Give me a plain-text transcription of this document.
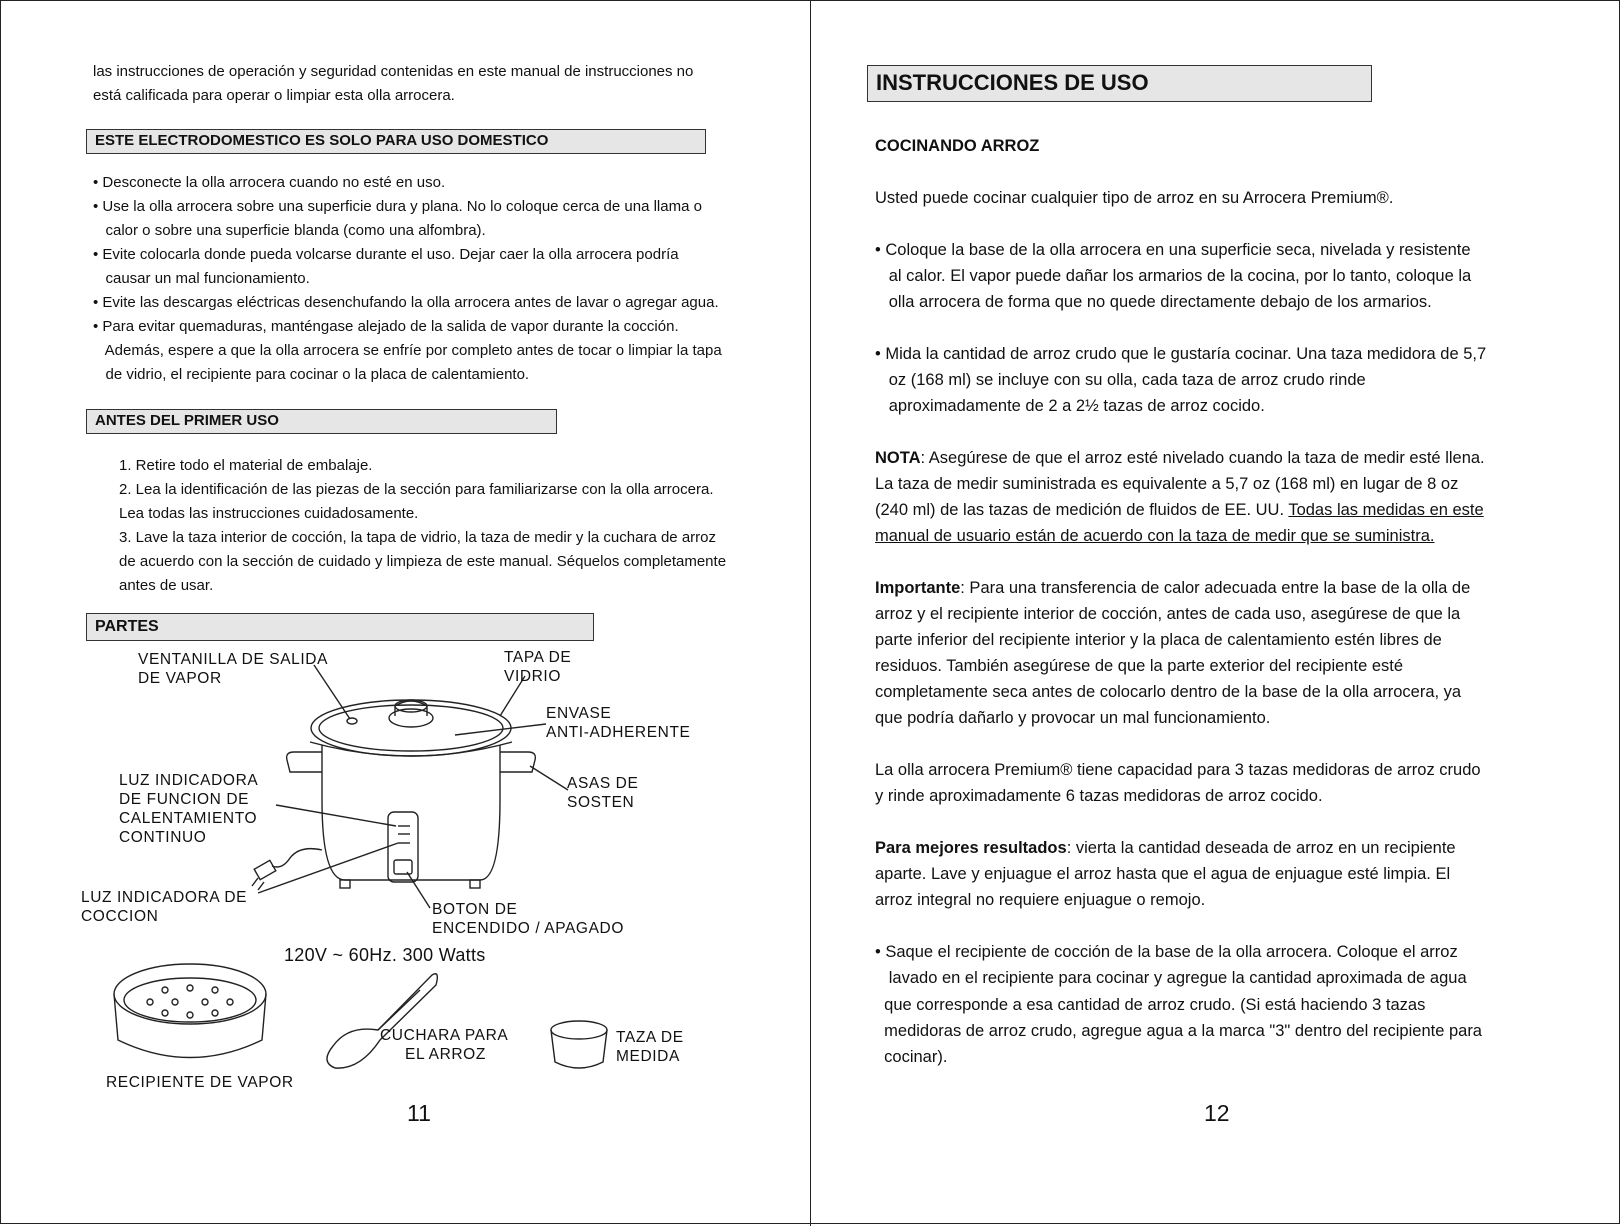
las instrucciones de operación y seguridad contenidas en este manual de instrucciones no
está calificada para operar o limpiar esta olla arrocera.
ESTE ELECTRODOMESTICO ES SOLO PARA USO DOMESTICO
• Desconecte la olla arrocera cuando no esté en uso.
• Use la olla arrocera sobre una superficie dura y plana. No lo coloque cerca de una llama o
calor o sobre una superficie blanda (como una alfombra).
• Evite colocarla donde pueda volcarse durante el uso. Dejar caer la olla arrocera podría
causar un mal funcionamiento.
• Evite las descargas eléctricas desenchufando la olla arrocera antes de lavar o agregar agua.
• Para evitar quemaduras, manténgase alejado de la salida de vapor durante la cocción.
Además, espere a que la olla arrocera se enfríe por completo antes de tocar o limpiar la tapa
de vidrio, el recipiente para cocinar o la placa de calentamiento.
ANTES DEL PRIMER USO
1. Retire todo el material de embalaje.
2. Lea la identificación de las piezas de la sección para familiarizarse con la olla arrocera.
Lea todas las instrucciones cuidadosamente.
3. Lave la taza interior de cocción, la tapa de vidrio, la taza de medir y la cuchara de arroz
de acuerdo con la sección de cuidado y limpieza de este manual. Séquelos completamente
antes de usar.
PARTES
VENTANILLA DE SALIDA
DE VAPOR
TAPA DE
VIDRIO
ENVASE
ANTI-ADHERENTE
ASAS DE
SOSTEN
LUZ INDICADORA
DE FUNCION DE
CALENTAMIENTO
CONTINUO
LUZ INDICADORA DE
COCCION	BOTON DE
ENCENDIDO / APAGADO
120V ~ 60Hz. 300 Watts
CUCHARA PARA
EL ARROZ
TAZA DE
MEDIDA
RECIPIENTE DE VAPOR
11
INSTRUCCIONES DE USO
COCINANDO ARROZ
Usted puede cocinar cualquier tipo de arroz en su Arrocera Premium®.
• Coloque la base de la olla arrocera en una superficie seca, nivelada y resistente
al calor. El vapor puede dañar los armarios de la cocina, por lo tanto, coloque la
olla arrocera de forma que no quede directamente debajo de los armarios.
• Mida la cantidad de arroz crudo que le gustaría cocinar. Una taza medidora de 5,7
oz (168 ml) se incluye con su olla, cada taza de arroz crudo rinde
aproximadamente de 2 a 2½ tazas de arroz cocido.
NOTA: Asegúrese de que el arroz esté nivelado cuando la taza de medir esté llena.
La taza de medir suministrada es equivalente a 5,7 oz (168 ml) en lugar de 8 oz
(240 ml) de las tazas de medición de fluidos de EE. UU. Todas las medidas en este
manual de usuario están de acuerdo con la taza de medir que se suministra.
Importante: Para una transferencia de calor adecuada entre la base de la olla de
arroz y el recipiente interior de cocción, antes de cada uso, asegúrese de que la
parte inferior del recipiente interior y la placa de calentamiento estén libres de
residuos. También asegúrese de que la parte exterior del recipiente esté
completamente seca antes de colocarlo dentro de la base de la olla arrocera, ya
que podría dañarlo y provocar un mal funcionamiento.
La olla arrocera Premium® tiene capacidad para 3 tazas medidoras de arroz crudo
y rinde aproximadamente 6 tazas medidoras de arroz cocido.
Para mejores resultados: vierta la cantidad deseada de arroz en un recipiente
aparte. Lave y enjuague el arroz hasta que el agua de enjuague esté limpia. El
arroz integral no requiere enjuague o remojo.
• Saque el recipiente de cocción de la base de la olla arrocera. Coloque el arroz
lavado en el recipiente para cocinar y agregue la cantidad aproximada de agua
que corresponde a esa cantidad de arroz crudo. (Si está haciendo 3 tazas
medidoras de arroz crudo, agregue agua a la marca "3" dentro del recipiente para
cocinar).
12
